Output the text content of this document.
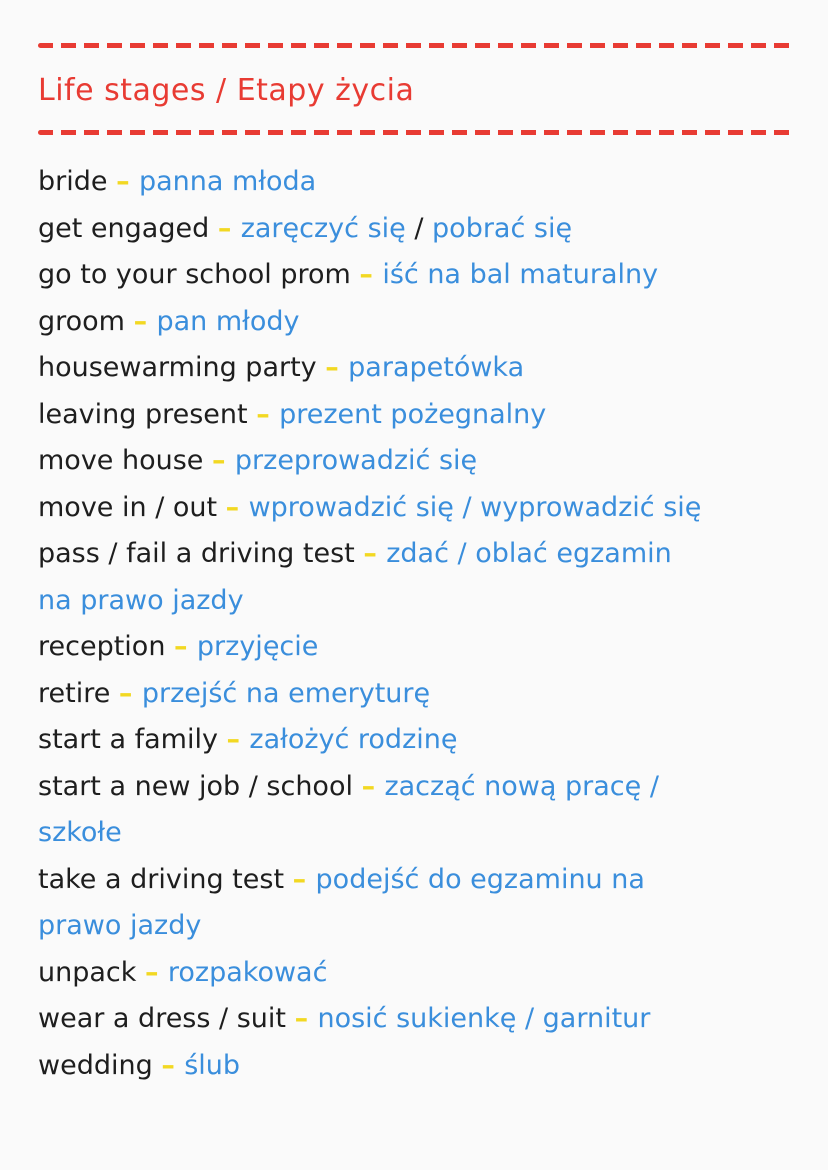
Life stages / Etapy życia
bride – panna młoda
get engaged – zaręczyć się / pobrać się
go to your school prom – iść na bal maturalny
groom – pan młody
housewarming party – parapetówka
leaving present – prezent pożegnalny
move house – przeprowadzić się
move in / out – wprowadzić się / wyprowadzić się
pass / fail a driving test – zdać / oblać egzamin
na prawo jazdy
reception – przyjęcie
retire – przejść na emeryturę
start a family – założyć rodzinę
start a new job / school – zacząć nową pracę /
szkołe
take a driving test – podejść do egzaminu na
prawo jazdy
unpack – rozpakować
wear a dress / suit – nosić sukienkę / garnitur
wedding – ślub
